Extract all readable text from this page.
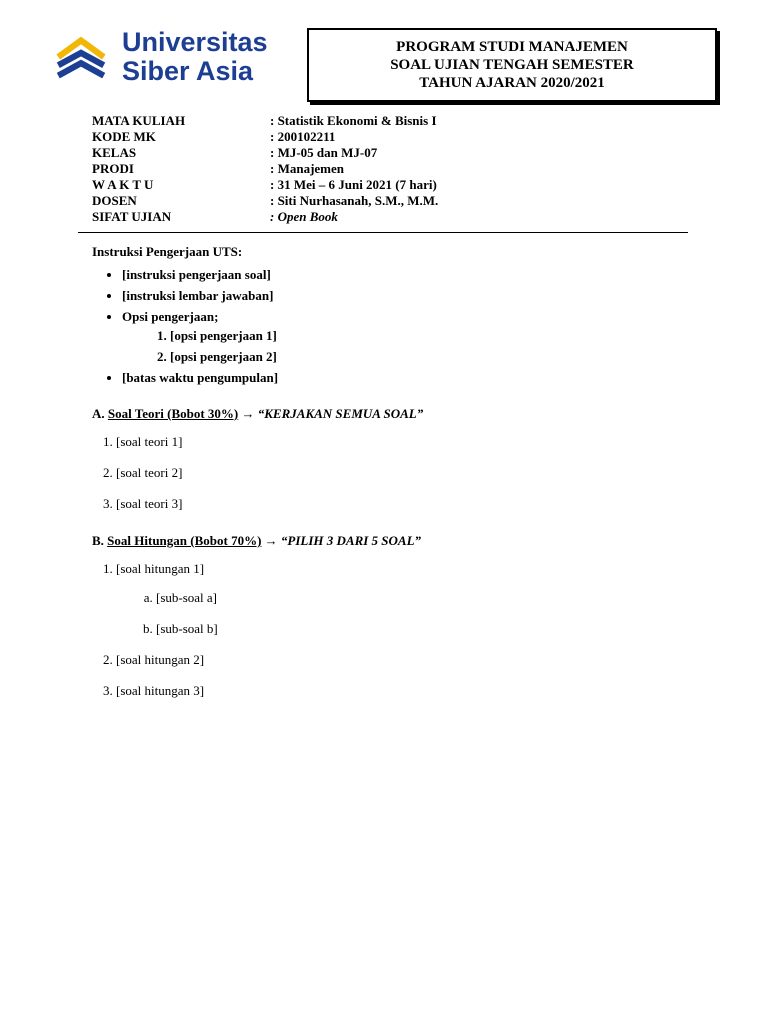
Universitas
Siber Asia
PROGRAM STUDI MANAJEMEN
SOAL UJIAN TENGAH SEMESTER
TAHUN AJARAN 2020/2021
MATA KULIAH	: Statistik Ekonomi & Bisnis I
KODE MK	: 200102211
KELAS	: MJ-05 dan MJ-07
PRODI	: Manajemen
W A K T U	: 31 Mei – 6 Juni 2021 (7 hari)
DOSEN	: Siti Nurhasanah, S.M., M.M.
SIFAT UJIAN	: Open Book
Instruksi Pengerjaan UTS:
• [instruksi pengerjaan soal]
• [instruksi lembar jawaban]
• Opsi pengerjaan;
1. [opsi pengerjaan 1]
2. [opsi pengerjaan 2]
• [batas waktu pengumpulan]
A. Soal Teori (Bobot 30%) → “KERJAKAN SEMUA SOAL”
1. [soal teori 1]
2. [soal teori 2]
3. [soal teori 3]
B. Soal Hitungan (Bobot 70%) → “PILIH 3 DARI 5 SOAL”
1. [soal hitungan 1]
a. [sub-soal a]
b. [sub-soal b]
2. [soal hitungan 2]
3. [soal hitungan 3]
